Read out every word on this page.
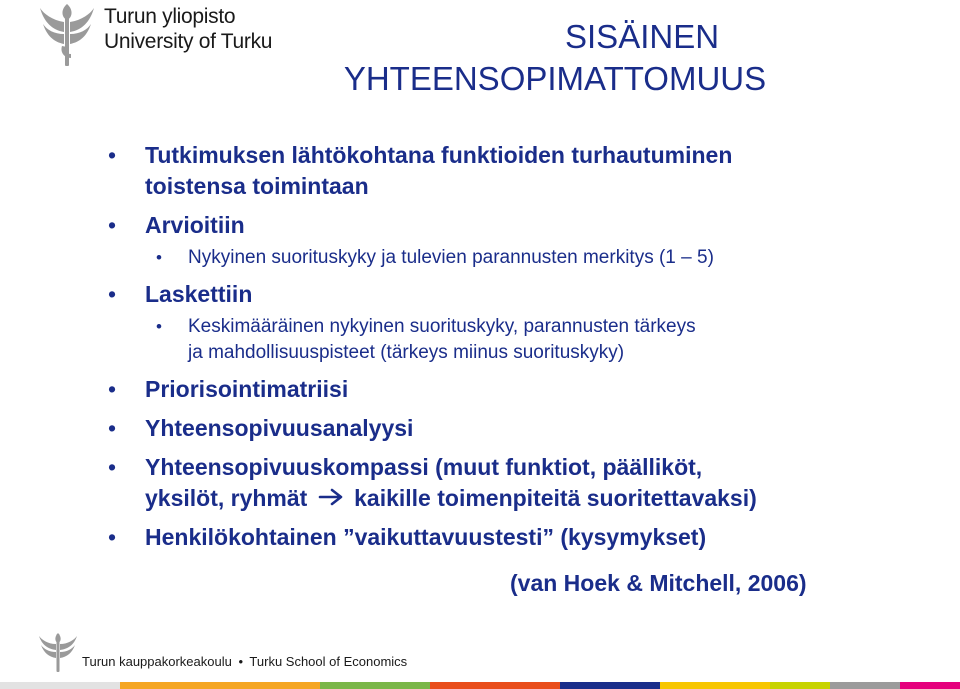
Turun yliopisto
University of Turku	SISÄINEN
YHTEENSOPIMATTOMUUS
• Tutkimuksen lähtökohtana funktioiden turhautuminen
toistensa toimintaan
• Arvioitiin
• Nykyinen suorituskyky ja tulevien parannusten merkitys (1 – 5)
• Laskettiin
• Keskimääräinen nykyinen suorituskyky, parannusten tärkeys
ja mahdollisuuspisteet (tärkeys miinus suorituskyky)
• Priorisointimatriisi
• Yhteensopivuusanalyysi
• Yhteensopivuuskompassi (muut funktiot, päälliköt,
yksilöt, ryhmät kaikille toimenpiteitä suoritettavaksi)
• Henkilökohtainen ”vaikuttavuustesti” (kysymykset)
(van Hoek & Mitchell, 2006)
Turun kauppakorkeakoulu • Turku School of Economics
